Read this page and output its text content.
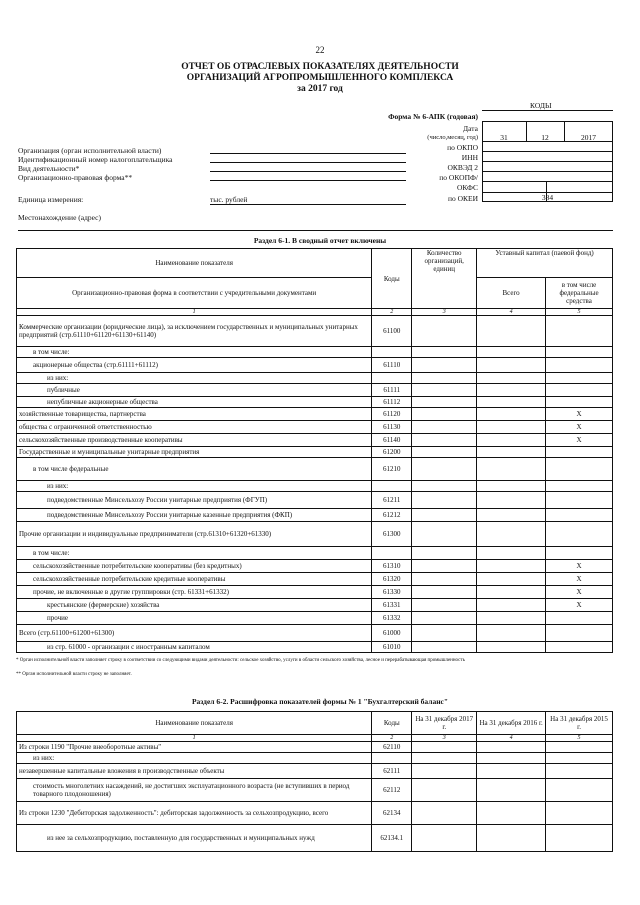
22
ОТЧЕТ ОБ ОТРАСЛЕВЫХ ПОКАЗАТЕЛЯХ ДЕЯТЕЛЬНОСТИ
ОРГАНИЗАЦИЙ АГРОПРОМЫШЛЕННОГО КОМПЛЕКСА
за 2017 год
КОДЫ
Форма № 6-АПК (годовая)
Дата
(число,месяц, год)	31	12	2017
384
по ОКПО
ИНН
ОКВЭД 2
по ОКОПФ/
ОКФС
по ОКЕИ
Организация (орган исполнительной власти)
Идентификационный номер налогоплательщика
Вид деятельности*
Организационно-правовая форма**
Единица измерения:	тыс. рублей
Местонахождение (адрес)
Раздел 6-1. В сводный отчет включены
Наименование показателя	Коды	Количество организаций, единиц	Уставный капитал (паевой фонд)	
Организационно-правовая форма в соответствии с учредительными документами			Всего	в том числе федеральные средства
1	2	3	4	5
Коммерческие организации (юридические лица), за исключением государственных и муниципальных унитарных предприятий (стр.61110+61120+61130+61140)	61100			
в том числе:				
акционерные общества (стр.61111+61112)	61110			
из них:				
публичные	61111			
непубличные акционерные общества	61112			
хозяйственные товарищества, партнерства	61120			X
общества с ограниченной ответственностью	61130			X
сельскохозяйственные производственные кооперативы	61140			X
Государственные и муниципальные унитарные предприятия	61200			
в том числе федеральные	61210			
из них:				
подведомственные Минсельхозу России унитарные предприятия (ФГУП)	61211			
подведомственные Минсельхозу России унитарные казенные предприятия (ФКП)	61212			
Прочие организации и индивидуальные предприниматели (стр.61310+61320+61330)	61300			
в том числе:				
сельскохозяйственные потребительские кооперативы (без кредитных)	61310			X
сельскохозяйственные потребительские кредитные кооперативы	61320			X
прочие, не включенные в другие группировки (стр. 61331+61332)	61330			X
крестьянские (фермерские) хозяйства	61331			X
прочие	61332			
Всего (стр.61100+61200+61300)	61000			
из стр. 61000 - организации с иностранным капиталом	61010			
* Орган исполнительной власти заполняет строку в соответствии со следующими видами деятельности: сельское хозяйство, услуги в области сельского хозяйства, лесное и перерабатывающая промышленность
** Орган исполнительной власти строку не заполняет.
Раздел 6-2. Расшифровка показателей формы № 1 "Бухгалтерский баланс"
Наименование показателя	Коды	На 31 декабря 2017 г.	На 31 декабря 2016 г.	На 31 декабря 2015 г.
1	2	3	4	5
Из строки 1190 "Прочие внеоборотные активы"	62110			
из них:				
незавершенные капитальные вложения в производственные объекты	62111			
стоимость многолетних насаждений, не достигших эксплуатационного возраста (не вступивших в период товарного плодоношения)	62112			
Из строки 1230 "Дебиторская задолженность": дебиторская задолженность за сельхозпродукцию, всего	62134			
из нее за сельхозпродукцию, поставленную для государственных и муниципальных нужд	62134.1			
